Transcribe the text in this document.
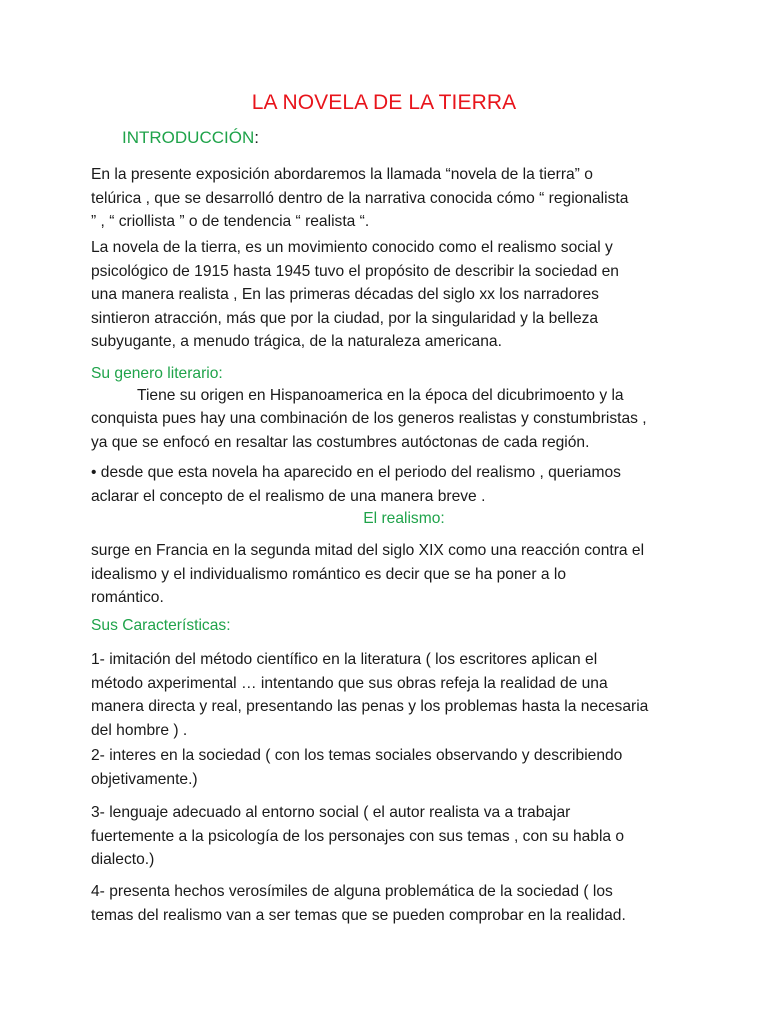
LA NOVELA DE LA TIERRA
INTRODUCCIÓN:
En la presente exposición abordaremos la llamada “novela de la tierra” o
telúrica , que se desarrolló dentro de la narrativa conocida cómo “ regionalista
” , “ criollista ” o de tendencia “ realista “.
La novela de la tierra, es un movimiento conocido como el realismo social y
psicológico de 1915 hasta 1945 tuvo el propósito de describir la sociedad en
una manera realista , En las primeras décadas del siglo xx los narradores
sintieron atracción, más que por la ciudad, por la singularidad y la belleza
subyugante, a menudo trágica, de la naturaleza americana.
Su genero literario:
Tiene su origen en Hispanoamerica en la época del dicubrimoento y la
conquista pues hay una combinación de los generos realistas y constumbristas ,
ya que se enfocó en resaltar las costumbres autóctonas de cada región.
• desde que esta novela ha aparecido en el periodo del realismo , queriamos
aclarar el concepto de el realismo de una manera breve .
El realismo:
surge en Francia en la segunda mitad del siglo XIX como una reacción contra el
idealismo y el individualismo romántico es decir que se ha poner a lo
romántico.
Sus Características:
1- imitación del método científico en la literatura ( los escritores aplican el
método axperimental … intentando que sus obras refeja la realidad de una
manera directa y real, presentando las penas y los problemas hasta la necesaria
del hombre ) .
2- interes en la sociedad ( con los temas sociales observando y describiendo
objetivamente.)
3- lenguaje adecuado al entorno social ( el autor realista va a trabajar
fuertemente a la psicología de los personajes con sus temas , con su habla o
dialecto.)
4- presenta hechos verosímiles de alguna problemática de la sociedad ( los
temas del realismo van a ser temas que se pueden comprobar en la realidad.
